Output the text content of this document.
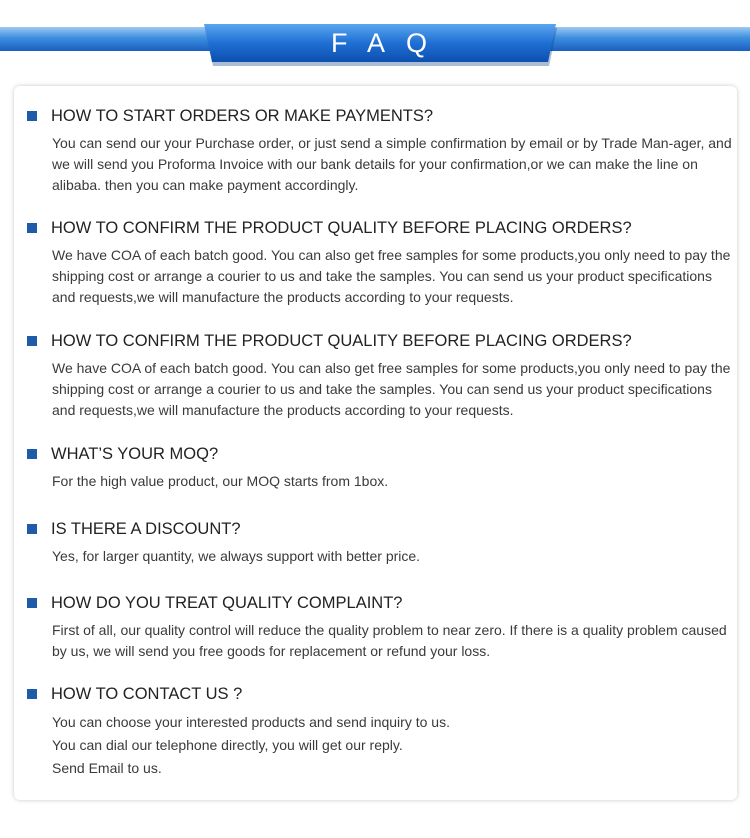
FAQ
HOW TO START ORDERS OR MAKE PAYMENTS?
You can send our your Purchase order, or just send a simple confirmation by email or by Trade Man-ager, and we will send you Proforma Invoice with our bank details for your confirmation,or we can make the line on alibaba. then you can make payment accordingly.
HOW TO CONFIRM THE PRODUCT QUALITY BEFORE PLACING ORDERS?
We have COA of each batch good. You can also get free samples for some products,you only need to pay the shipping cost or arrange a courier to us and take the samples. You can send us your product specifications and requests,we will manufacture the products according to your requests.
HOW TO CONFIRM THE PRODUCT QUALITY BEFORE PLACING ORDERS?
We have COA of each batch good. You can also get free samples for some products,you only need to pay the shipping cost or arrange a courier to us and take the samples. You can send us your product specifications and requests,we will manufacture the products according to your requests.
WHAT’S YOUR MOQ?
For the high value product, our MOQ starts from 1box.
IS THERE A DISCOUNT?
Yes, for larger quantity, we always support with better price.
HOW DO YOU TREAT QUALITY COMPLAINT?
First of all, our quality control will reduce the quality problem to near zero. If there is a quality problem caused by us, we will send you free goods for replacement or refund your loss.
HOW TO CONTACT US ?
You can choose your interested products and send inquiry to us.
You can dial our telephone directly, you will get our reply.
Send Email to us.
